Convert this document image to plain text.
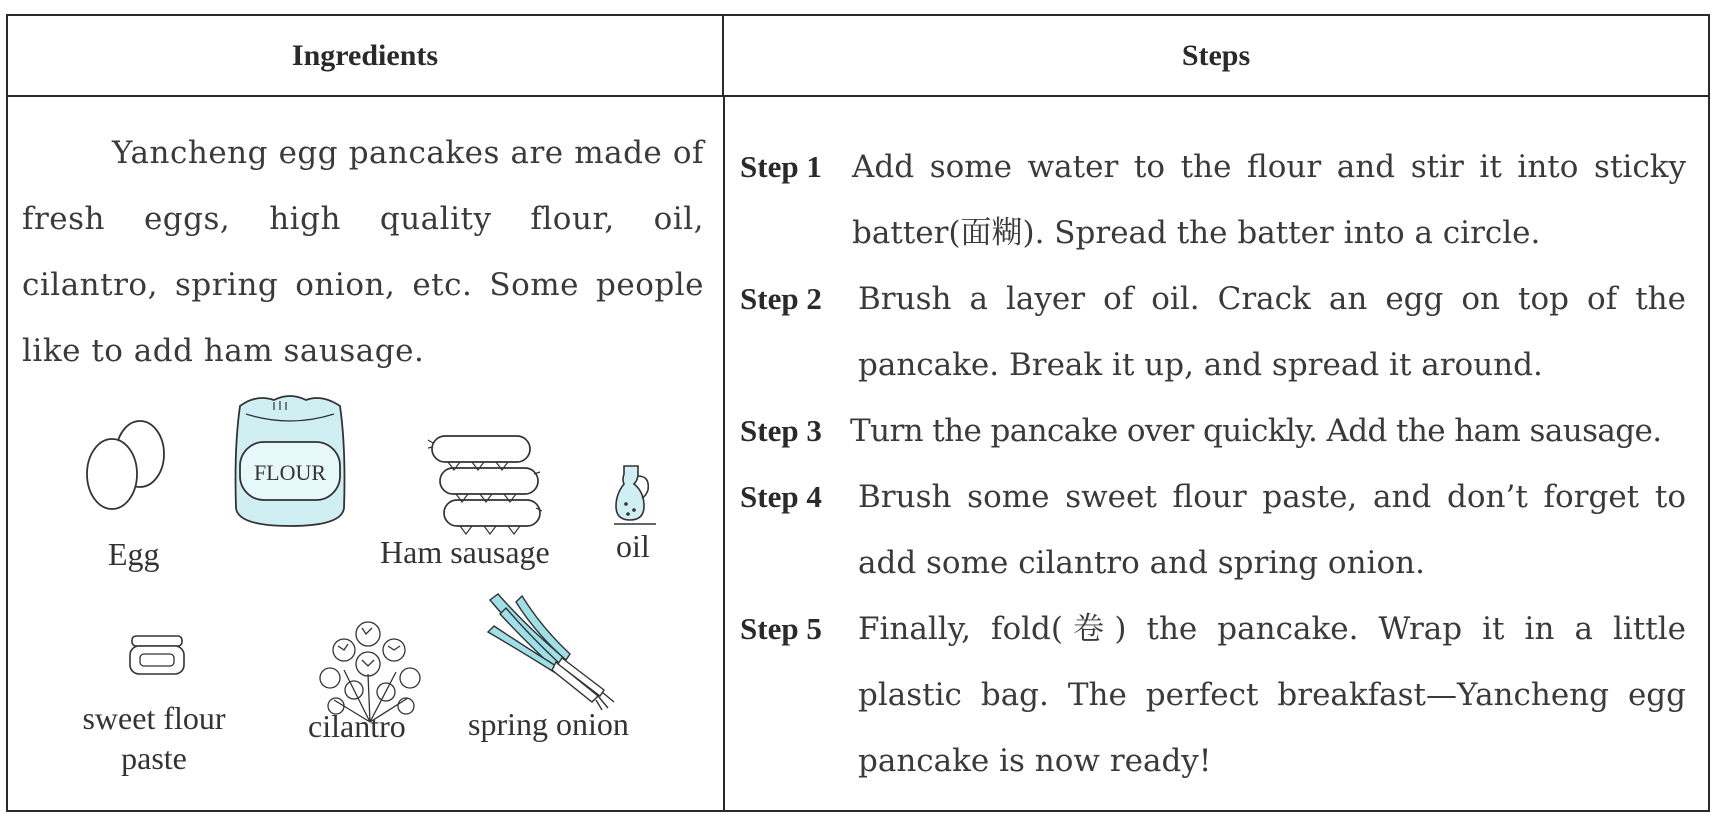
Ingredients	Steps

Yancheng egg pancakes are made of fresh eggs, high quality flour, oil, cilantro, spring onion, etc. Some people like to add ham sausage.

Egg
FLOUR
Ham sausage oil
sweet flour
paste
cilantro spring onion
Step 1 Add some water to the flour and stir it into sticky batter(面糊). Spread the batter into a circle.
Step 2	Brush a layer of oil. Crack an egg on top of the pancake. Break it up, and spread it around.
Step 3 Turn the pancake over quickly. Add the ham sausage.
Step 4	Brush some sweet flour paste, and don’t forget to add some cilantro and spring onion.
Step 5	Finally, fold(卷) the pancake. Wrap it in a little plastic bag. The perfect breakfast—Yancheng egg pancake is now ready!
